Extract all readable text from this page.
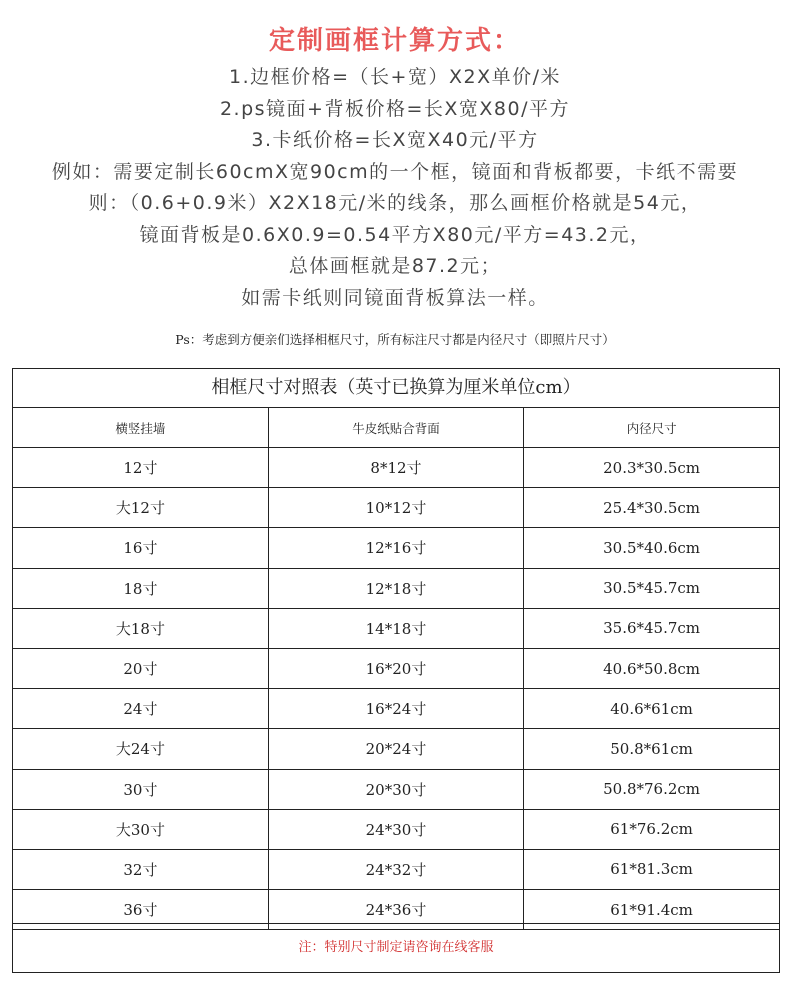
定制画框计算方式：
1.边框价格=（长+宽）X2X单价/米
2.ps镜面+背板价格=长X宽X80/平方
3.卡纸价格=长X宽X40元/平方
例如：需要定制长60cmX宽90cm的一个框，镜面和背板都要，卡纸不需要
则：（0.6+0.9米）X2X18元/米的线条，那么画框价格就是54元，
镜面背板是0.6X0.9=0.54平方X80元/平方=43.2元，
总体画框就是87.2元；
如需卡纸则同镜面背板算法一样。
Ps：考虑到方便亲们选择相框尺寸，所有标注尺寸都是内径尺寸（即照片尺寸）
相框尺寸对照表（英寸已换算为厘米单位cm）
横竖挂墙	牛皮纸贴合背面	内径尺寸
12寸	8*12寸	20.3*30.5cm
大12寸	10*12寸	25.4*30.5cm
16寸	12*16寸	30.5*40.6cm
18寸	12*18寸	30.5*45.7cm
大18寸	14*18寸	35.6*45.7cm
20寸	16*20寸	40.6*50.8cm
24寸	16*24寸	40.6*61cm
大24寸	20*24寸	50.8*61cm
30寸	20*30寸	50.8*76.2cm
大30寸	24*30寸	61*76.2cm
32寸	24*32寸	61*81.3cm
36寸	24*36寸	61*91.4cm
注：特别尺寸制定请咨询在线客服
